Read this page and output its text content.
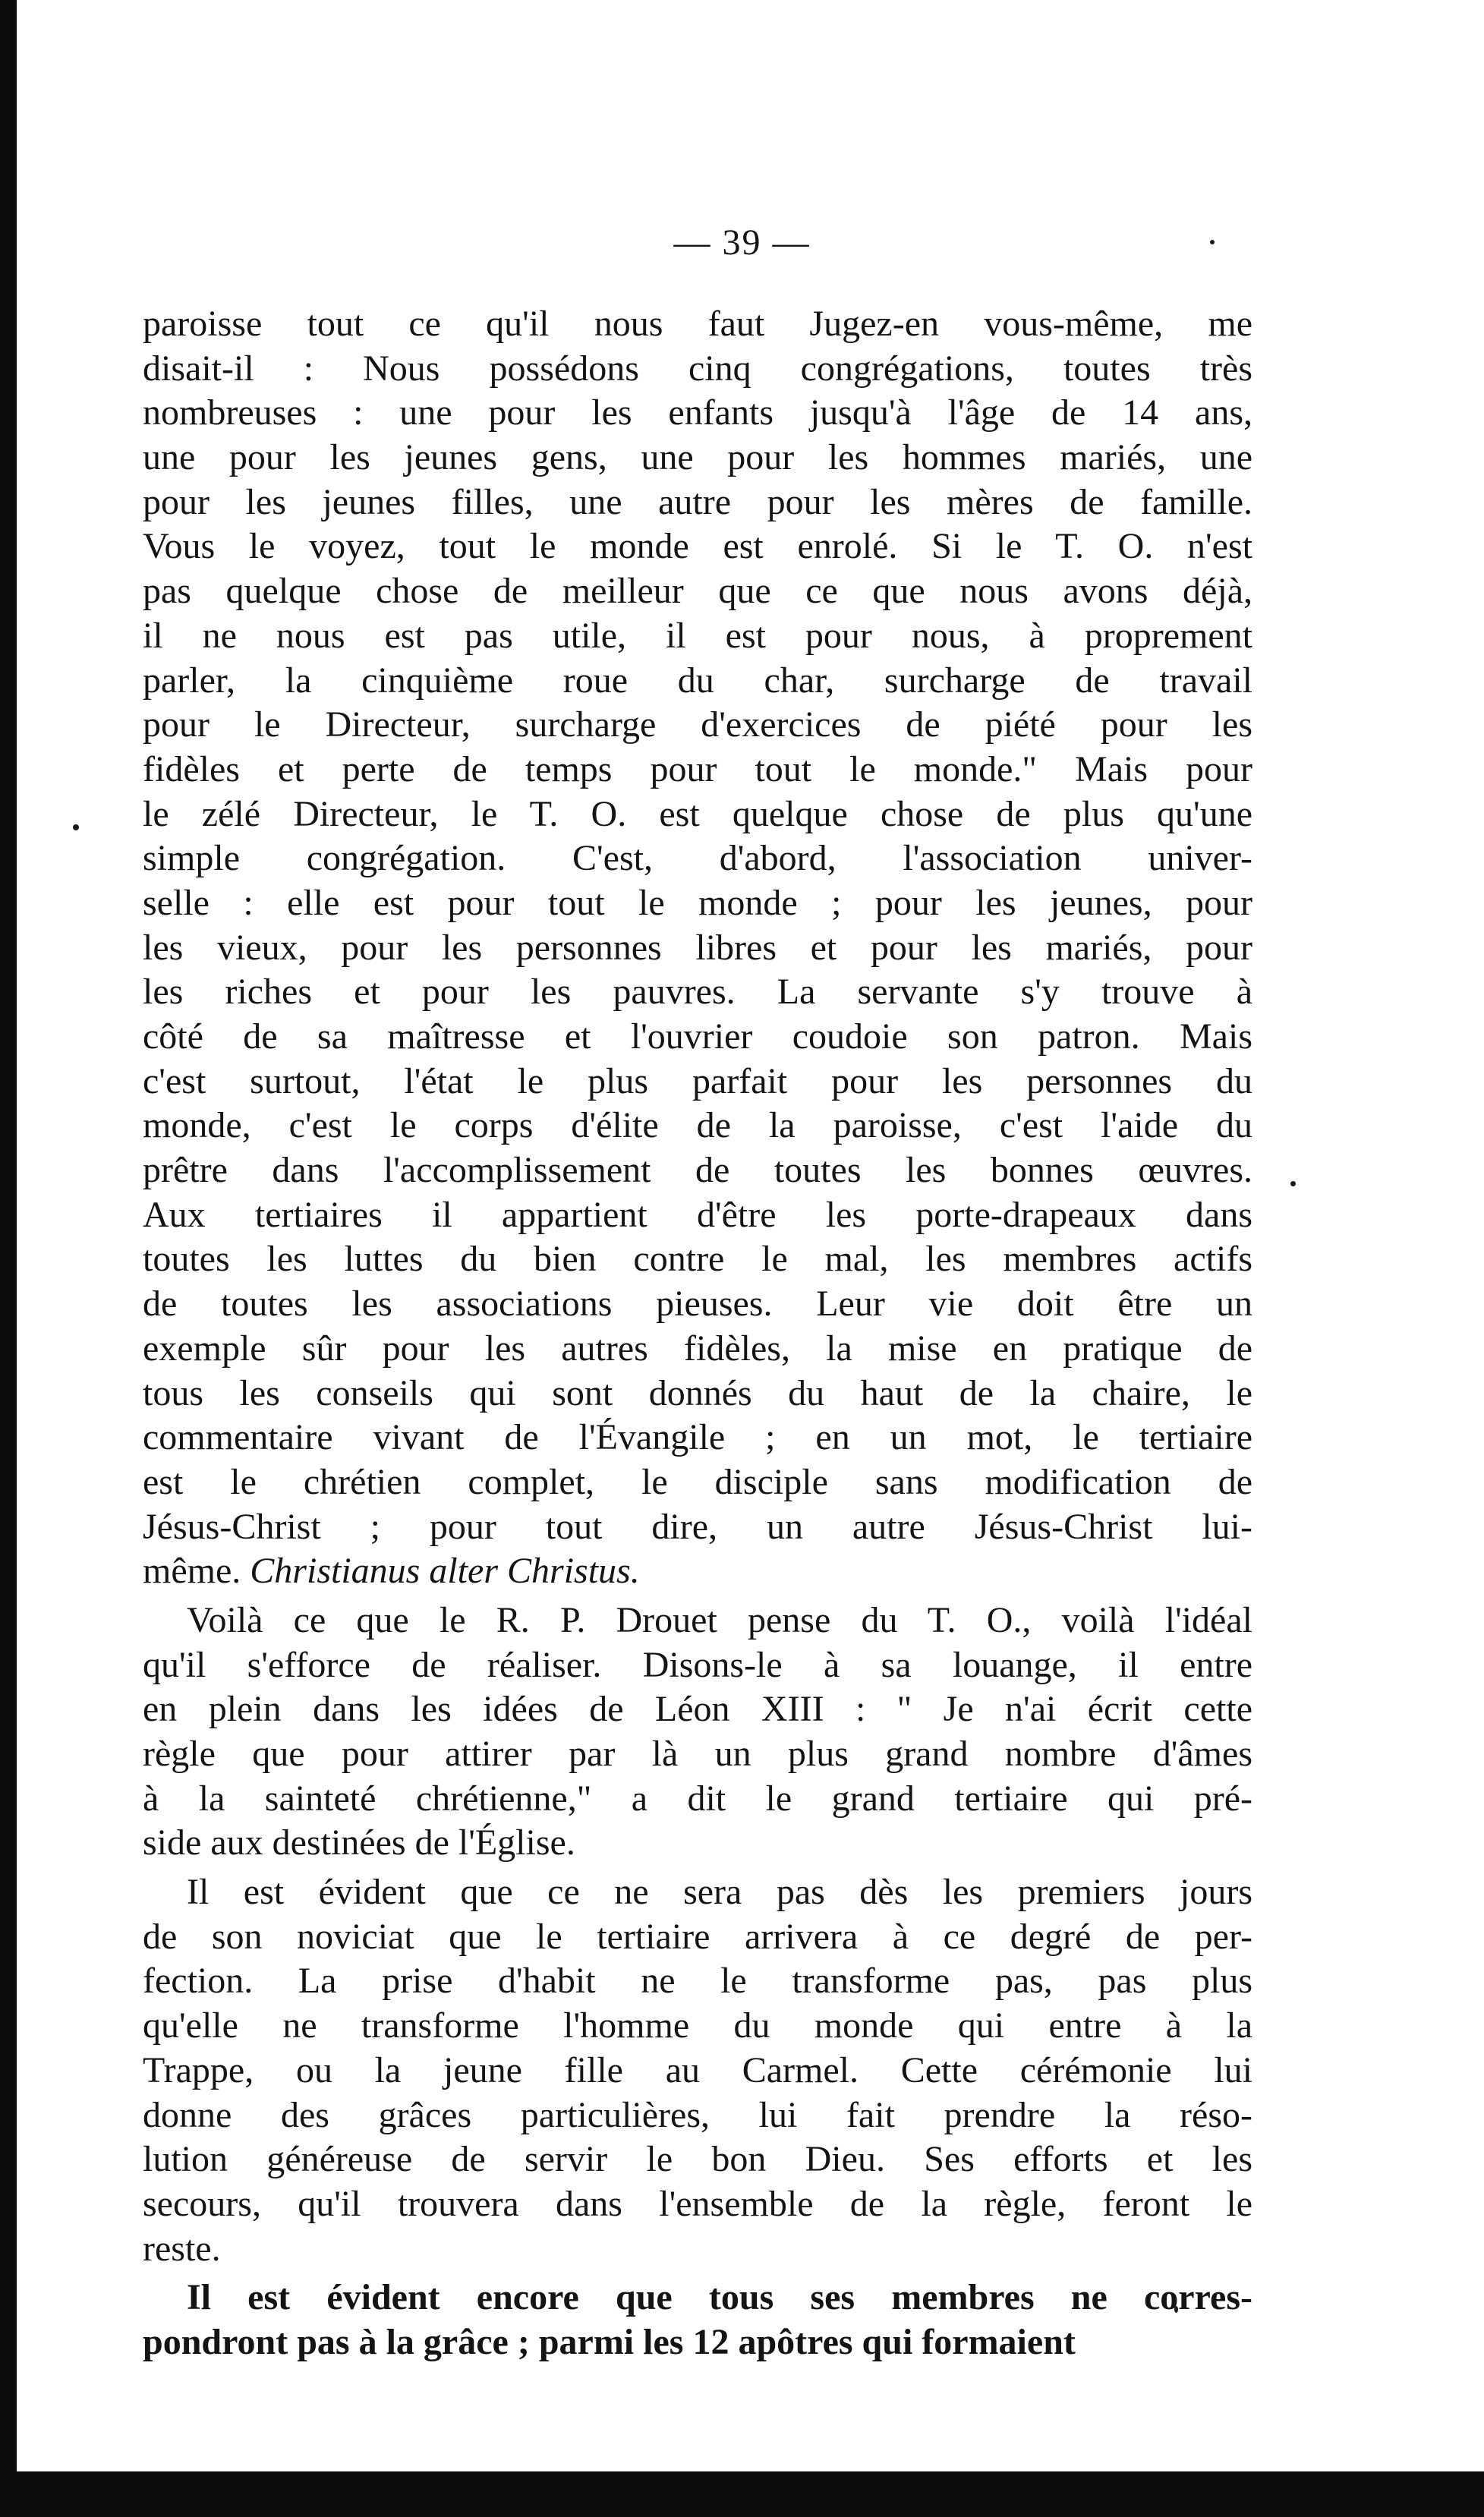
— 39 —
paroisse tout ce qu'il nous faut Jugez-en vous-même, me
disait-il : Nous possédons cinq congrégations, toutes très
nombreuses : une pour les enfants jusqu'à l'âge de 14 ans,
une pour les jeunes gens, une pour les hommes mariés, une
pour les jeunes filles, une autre pour les mères de famille.
Vous le voyez, tout le monde est enrolé. Si le T. O. n'est
pas quelque chose de meilleur que ce que nous avons déjà,
il ne nous est pas utile, il est pour nous, à proprement
parler, la cinquième roue du char, surcharge de travail
pour le Directeur, surcharge d'exercices de piété pour les
fidèles et perte de temps pour tout le monde." Mais pour
le zélé Directeur, le T. O. est quelque chose de plus qu'une
simple congrégation. C'est, d'abord, l'association univer-
selle : elle est pour tout le monde ; pour les jeunes, pour
les vieux, pour les personnes libres et pour les mariés, pour
les riches et pour les pauvres. La servante s'y trouve à
côté de sa maîtresse et l'ouvrier coudoie son patron. Mais
c'est surtout, l'état le plus parfait pour les personnes du
monde, c'est le corps d'élite de la paroisse, c'est l'aide du
prêtre dans l'accomplissement de toutes les bonnes œuvres.
Aux tertiaires il appartient d'être les porte-drapeaux dans
toutes les luttes du bien contre le mal, les membres actifs
de toutes les associations pieuses. Leur vie doit être un
exemple sûr pour les autres fidèles, la mise en pratique de
tous les conseils qui sont donnés du haut de la chaire, le
commentaire vivant de l'Évangile ; en un mot, le tertiaire
est le chrétien complet, le disciple sans modification de
Jésus-Christ ; pour tout dire, un autre Jésus-Christ lui-
même. Christianus alter Christus.
Voilà ce que le R. P. Drouet pense du T. O., voilà l'idéal
qu'il s'efforce de réaliser. Disons-le à sa louange, il entre
en plein dans les idées de Léon XIII : " Je n'ai écrit cette
règle que pour attirer par là un plus grand nombre d'âmes
à la sainteté chrétienne," a dit le grand tertiaire qui pré-
side aux destinées de l'Église.
Il est évident que ce ne sera pas dès les premiers jours
de son noviciat que le tertiaire arrivera à ce degré de per-
fection. La prise d'habit ne le transforme pas, pas plus
qu'elle ne transforme l'homme du monde qui entre à la
Trappe, ou la jeune fille au Carmel. Cette cérémonie lui
donne des grâces particulières, lui fait prendre la réso-
lution généreuse de servir le bon Dieu. Ses efforts et les
secours, qu'il trouvera dans l'ensemble de la règle, feront le
reste.
Il est évident encore que tous ses membres ne corres-
pondront pas à la grâce ; parmi les 12 apôtres qui formaient
